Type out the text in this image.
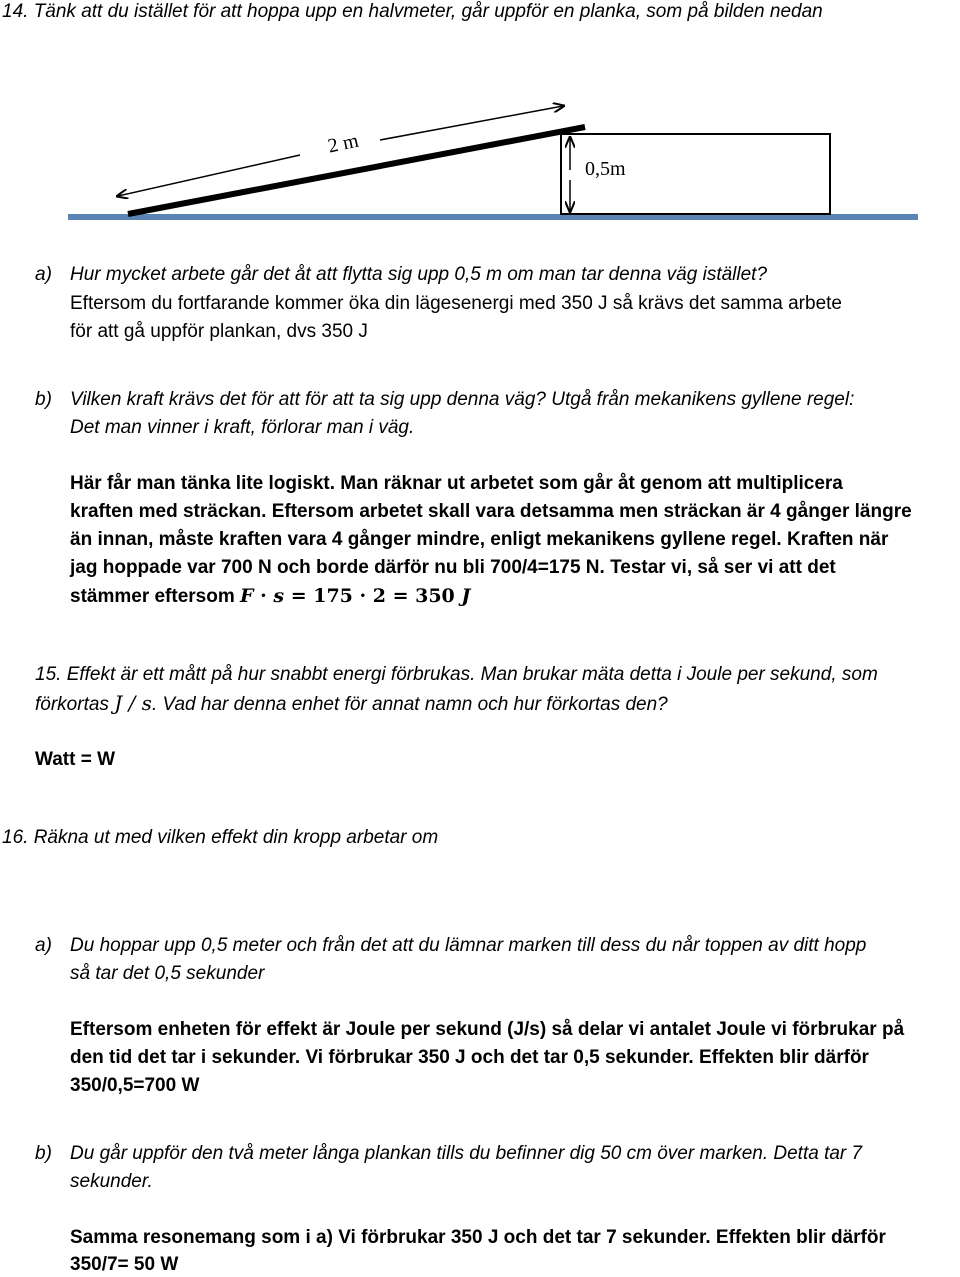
14. Tänk att du istället för att hoppa upp en halvmeter, går uppför en planka, som på bilden nedan
2 m
0,5m
a) Hur mycket arbete går det åt att flytta sig upp 0,5 m om man tar denna väg istället?
Eftersom du fortfarande kommer öka din lägesenergi med 350 J så krävs det samma arbete
för att gå uppför plankan, dvs 350 J
b) Vilken kraft krävs det för att för att ta sig upp denna väg? Utgå från mekanikens gyllene regel:
Det man vinner i kraft, förlorar man i väg.
Här får man tänka lite logiskt. Man räknar ut arbetet som går åt genom att multiplicera
kraften med sträckan. Eftersom arbetet skall vara detsamma men sträckan är 4 gånger längre
än innan, måste kraften vara 4 gånger mindre, enligt mekanikens gyllene regel. Kraften när
jag hoppade var 700 N och borde därför nu bli 700/4=175 N. Testar vi, så ser vi att det
stämmer eftersom F · s = 175 · 2 = 350 J
15. Effekt är ett mått på hur snabbt energi förbrukas. Man brukar mäta detta i Joule per sekund, som
förkortas J / s. Vad har denna enhet för annat namn och hur förkortas den?
Watt = W
16. Räkna ut med vilken effekt din kropp arbetar om
a) Du hoppar upp 0,5 meter och från det att du lämnar marken till dess du når toppen av ditt hopp
så tar det 0,5 sekunder
Eftersom enheten för effekt är Joule per sekund (J/s) så delar vi antalet Joule vi förbrukar på
den tid det tar i sekunder. Vi förbrukar 350 J och det tar 0,5 sekunder. Effekten blir därför
350/0,5=700 W
b) Du går uppför den två meter långa plankan tills du befinner dig 50 cm över marken. Detta tar 7
sekunder.
Samma resonemang som i a) Vi förbrukar 350 J och det tar 7 sekunder. Effekten blir därför
350/7= 50 W
